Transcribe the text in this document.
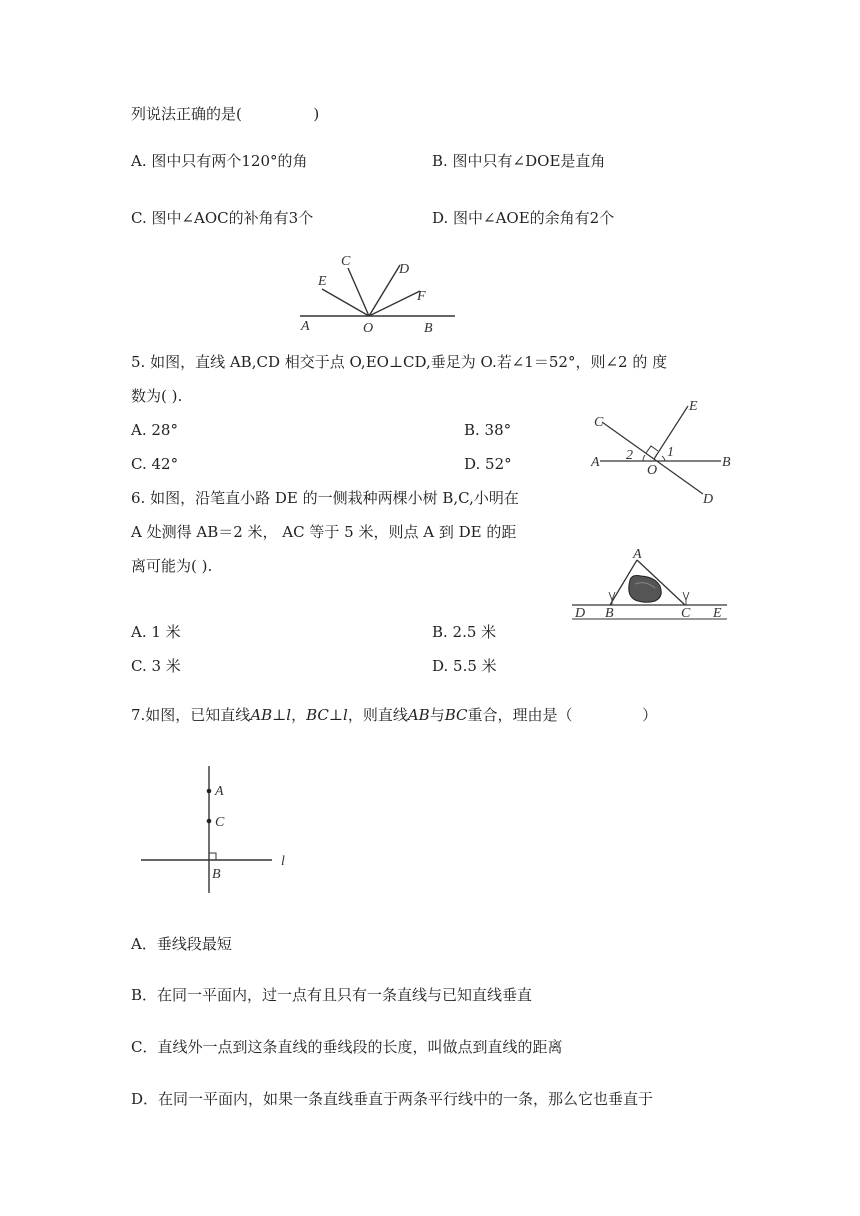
列说法正确的是(	)
A. 图中只有两个120°的角	B. 图中只有∠DOE是直角
C. 图中∠AOC的补角有3个	D. 图中∠AOE的余角有2个
A	O	B
C
D
E
F
5. 如图，直线 AB,CD 相交于点 O,EO⊥CD,垂足为 O.若∠1＝52°，则∠2 的 度
数为( ).
A. 28°	B. 38°
C. 42°	D. 52°	A	B
C
D
E
O
1
2
6. 如图，沿笔直小路 DE 的一侧栽种两棵小树 B,C,小明在
A 处测得 AB＝2 米， AC 等于 5 米，则点 A 到 DE 的距
离可能为( ).
A. 1 米	B. 2.5 米
C. 3 米	D. 5.5 米
A
B	C
D	E
7.如图，已知直线AB⊥l，BC⊥l，则直线AB与BC重合，理由是（	）
A
C
B
l
A．垂线段最短
B．在同一平面内，过一点有且只有一条直线与已知直线垂直
C．直线外一点到这条直线的垂线段的长度，叫做点到直线的距离
D．在同一平面内，如果一条直线垂直于两条平行线中的一条，那么它也垂直于
